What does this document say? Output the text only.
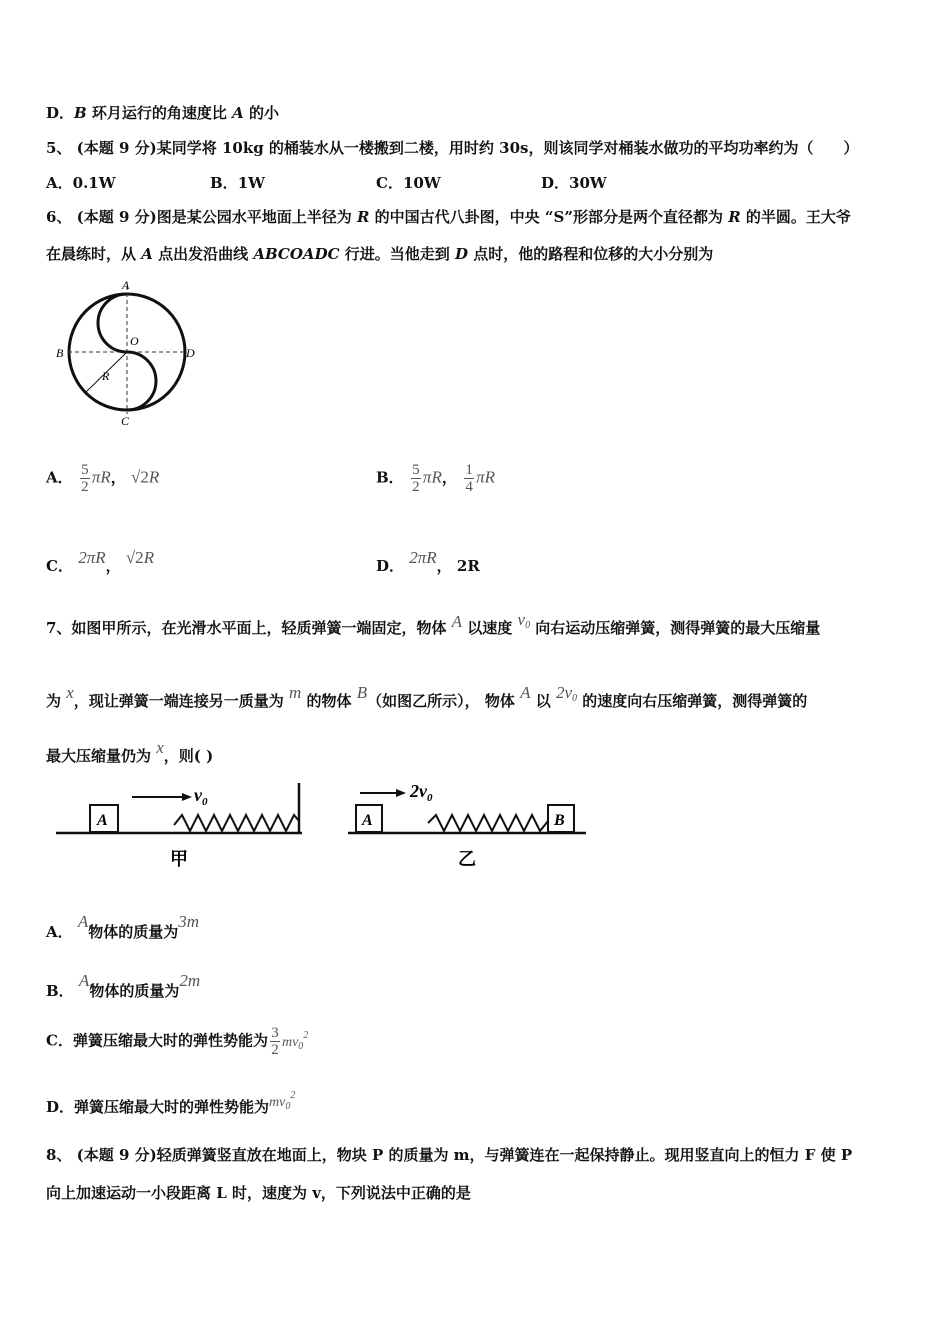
D．B 环月运行的角速度比 A 的小
5、 (本题 9 分)某同学将 10kg 的桶装水从一楼搬到二楼，用时约 30s，则该同学对桶装水做功的平均功率约为（　　）
A．0.1W	B．1W	C．10W	D．30W
6、 (本题 9 分)图是某公园水平地面上半径为 R 的中国古代八卦图，中央 “S”形部分是两个直径都为 R 的半圆。王大爷
在晨练时，从 A 点出发沿曲线 ABCOADC 行进。当他走到 D 点时，他的路程和位移的大小分别为
A
B
C
D
O
R
A． $\frac{5}{2}$ πR， √2R	B． $\frac{5}{2}$ πR， $\frac{1}{4}$ πR
C． 2πR， √2R	D． 2πR， 2R
7、如图甲所示，在光滑水平面上，轻质弹簧一端固定，物体 A 以速度 $v_0$ 向右运动压缩弹簧，测得弹簧的最大压缩量
为 x，现让弹簧一端连接另一质量为 m 的物体 B（如图乙所示）， 物体 A 以 $2v_0$ 的速度向右压缩弹簧，测得弹簧的
最大压缩量仍为 x，则( )
A
$v_0$
甲
A	B
$2v_0$
乙
A． A物体的质量为3m
B． A物体的质量为2m
C．弹簧压缩最大时的弹性势能为 $\frac{3}{2} mv_0^2$
D．弹簧压缩最大时的弹性势能为$mv_0^2$
8、 (本题 9 分)轻质弹簧竖直放在地面上，物块 P 的质量为 m，与弹簧连在一起保持静止。现用竖直向上的恒力 F 使 P
向上加速运动一小段距离 L 时，速度为 v，下列说法中正确的是
